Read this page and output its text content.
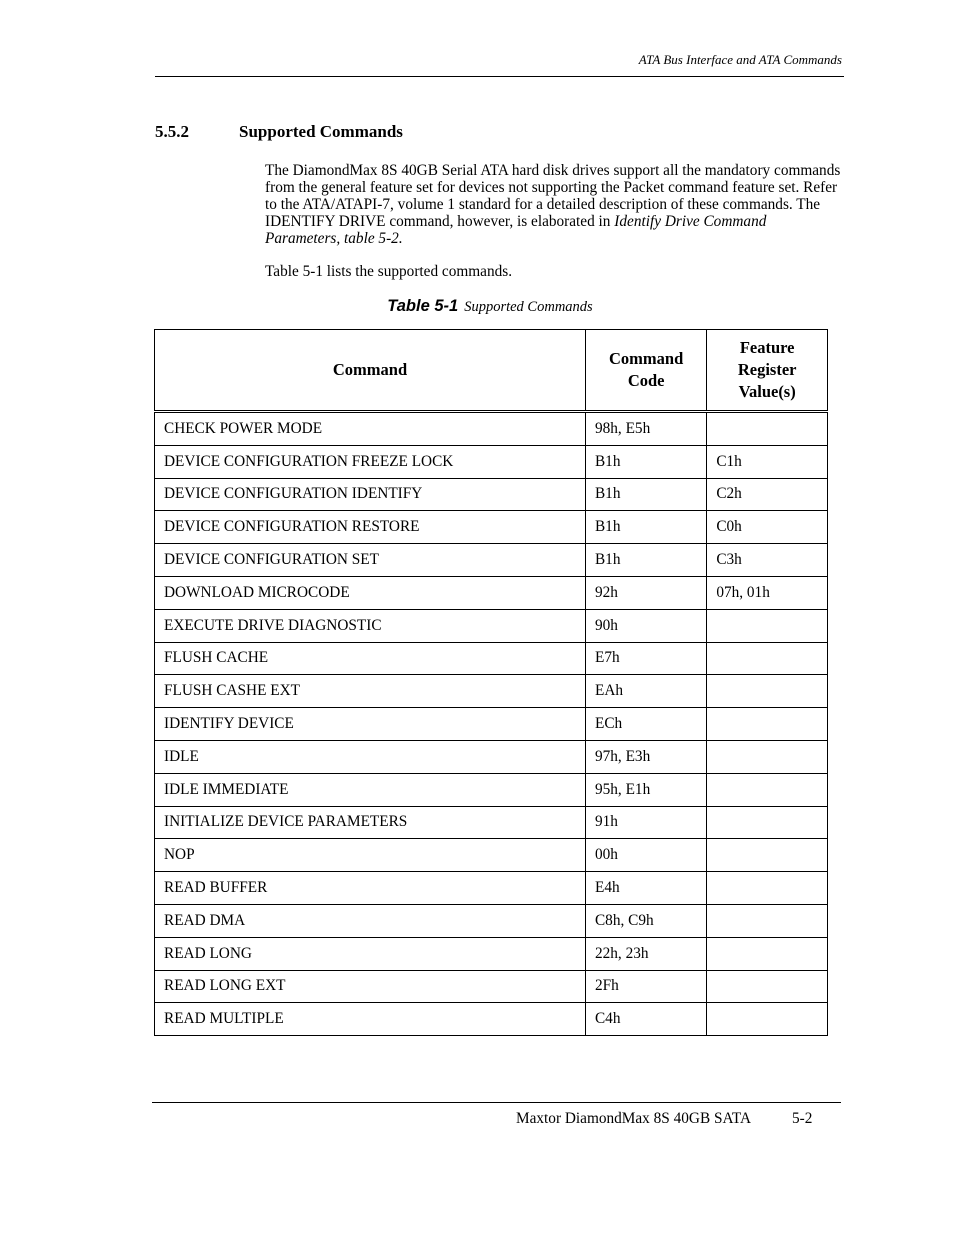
ATA Bus Interface and ATA Commands
5.5.2	Supported Commands
The DiamondMax 8S 40GB Serial ATA hard disk drives support all the mandatory commands from the general feature set for devices not supporting the Packet command feature set. Refer to the ATA/ATAPI-7, volume 1 standard for a detailed description of these commands. The IDENTIFY DRIVE command, however, is elaborated in Identify Drive Command Parameters, table 5-2.
Table 5-1 lists the supported commands.
Table 5-1 Supported Commands
Command	Command Code	Feature Register Value(s)
CHECK POWER MODE	98h, E5h	
DEVICE CONFIGURATION FREEZE LOCK	B1h	C1h
DEVICE CONFIGURATION IDENTIFY	B1h	C2h
DEVICE CONFIGURATION RESTORE	B1h	C0h
DEVICE CONFIGURATION SET	B1h	C3h
DOWNLOAD MICROCODE	92h	07h, 01h
EXECUTE DRIVE DIAGNOSTIC	90h	
FLUSH CACHE	E7h	
FLUSH CASHE EXT	EAh	
IDENTIFY DEVICE	ECh	
IDLE	97h, E3h	
IDLE IMMEDIATE	95h, E1h	
INITIALIZE DEVICE PARAMETERS	91h	
NOP	00h	
READ BUFFER	E4h	
READ DMA	C8h, C9h	
READ LONG	22h, 23h	
READ LONG EXT	2Fh	
READ MULTIPLE	C4h	
Maxtor DiamondMax 8S 40GB SATA	5-2
